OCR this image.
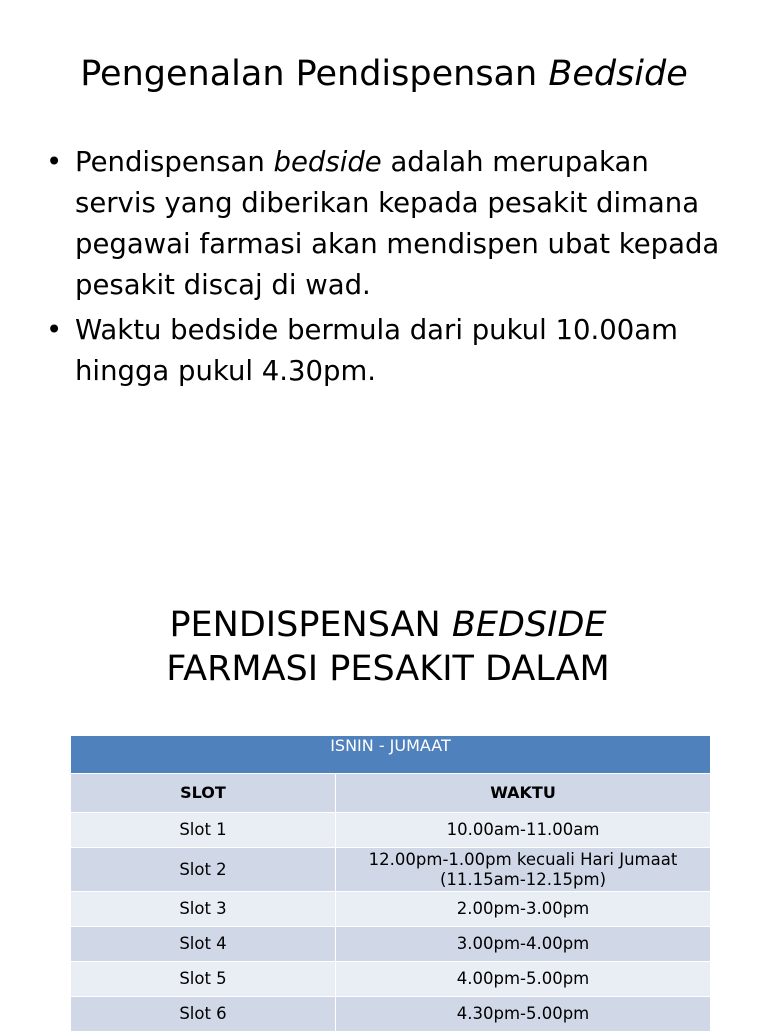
Pengenalan Pendispensan Bedside
• Pendispensan bedside adalah merupakan servis yang diberikan kepada pesakit dimana pegawai farmasi akan mendispen ubat kepada pesakit discaj di wad.
• Waktu bedside bermula dari pukul 10.00am hingga pukul 4.30pm.
PENDISPENSAN BEDSIDE
FARMASI PESAKIT DALAM
ISNIN - JUMAAT	
SLOT	WAKTU
Slot 1	10.00am-11.00am
Slot 2	12.00pm-1.00pm kecuali Hari Jumaat (11.15am-12.15pm)
Slot 3	2.00pm-3.00pm
Slot 4	3.00pm-4.00pm
Slot 5	4.00pm-5.00pm
Slot 6	4.30pm-5.00pm
